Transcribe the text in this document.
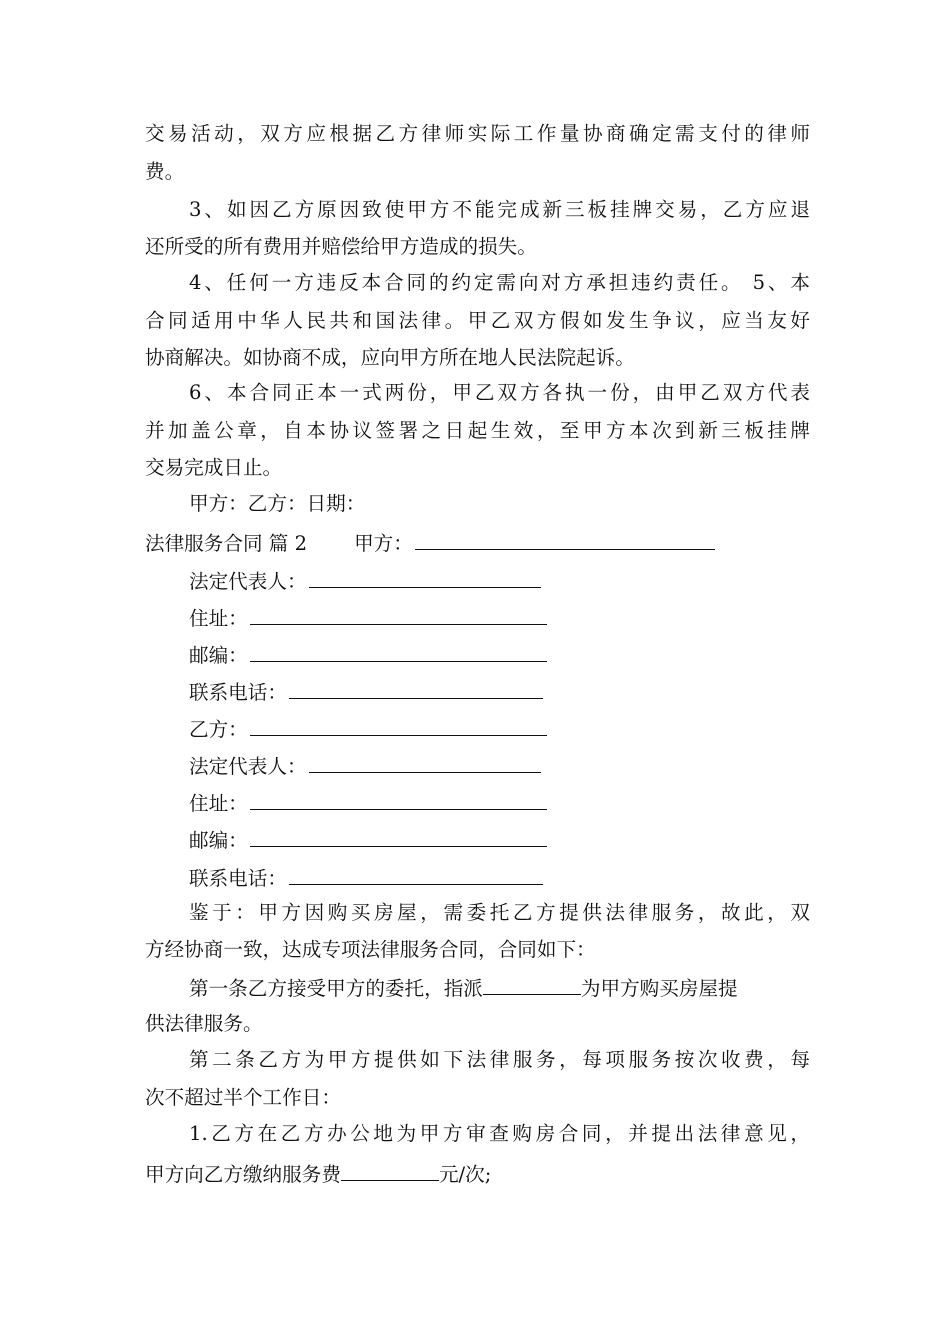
交易活动，双方应根据乙方律师实际工作量协商确定需支付的律师
费。
3、如因乙方原因致使甲方不能完成新三板挂牌交易，乙方应退
还所受的所有费用并赔偿给甲方造成的损失。
4、任何一方违反本合同的约定需向对方承担违约责任。 5、本
合同适用中华人民共和国法律。甲乙双方假如发生争议，应当友好
协商解决。如协商不成，应向甲方所在地人民法院起诉。
6、本合同正本一式两份，甲乙双方各执一份，由甲乙双方代表
并加盖公章，自本协议签署之日起生效，至甲方本次到新三板挂牌
交易完成日止。
甲方：乙方：日期：
法律服务合同 篇 2 甲方：
法定代表人：
住址：
邮编：
联系电话：
乙方：
法定代表人：
住址：
邮编：
联系电话：
鉴于：甲方因购买房屋，需委托乙方提供法律服务，故此，双
方经协商一致，达成专项法律服务合同，合同如下：
第一条乙方接受甲方的委托，指派	为甲方购买房屋提
供法律服务。
第二条乙方为甲方提供如下法律服务，每项服务按次收费，每
次不超过半个工作日：
1.乙方在乙方办公地为甲方审查购房合同，并提出法律意见，
甲方向乙方缴纳服务费	元/次;
